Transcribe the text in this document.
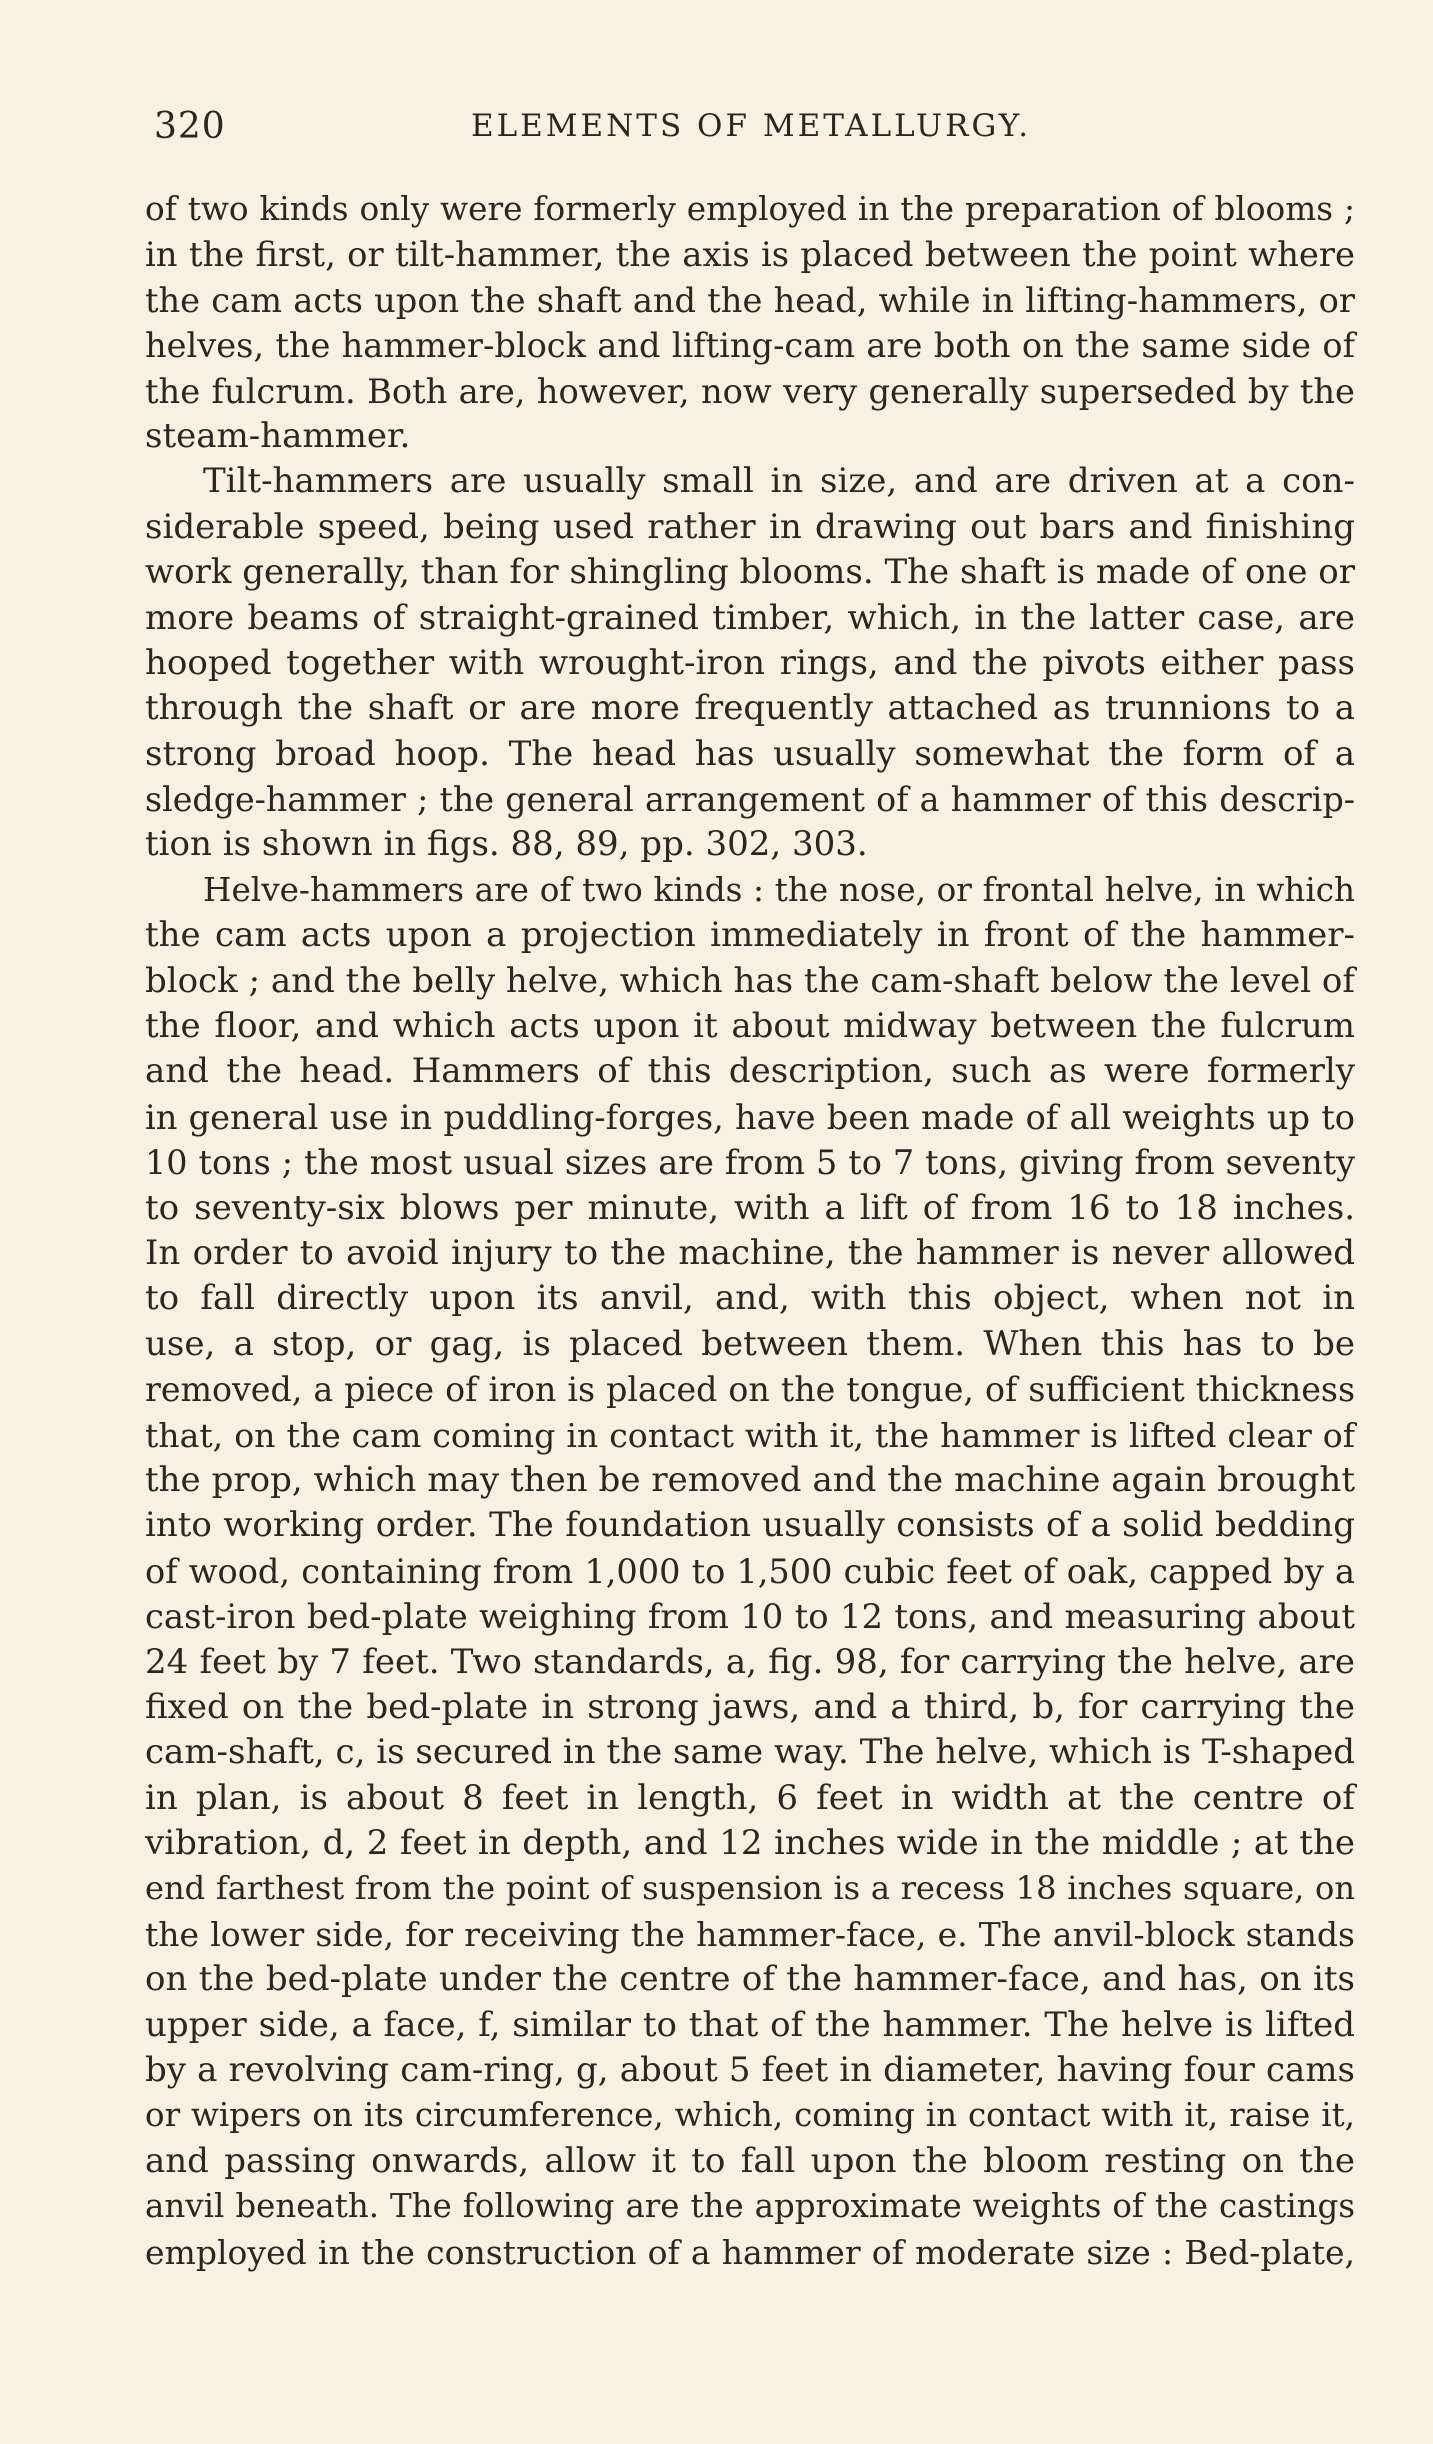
320	ELEMENTS OF METALLURGY.
of two kinds only were formerly employed in the preparation of blooms ;
in the first, or tilt-hammer, the axis is placed between the point where
the cam acts upon the shaft and the head, while in lifting-hammers, or
helves, the hammer-block and lifting-cam are both on the same side of
the fulcrum. Both are, however, now very generally superseded by the
steam-hammer.
Tilt-hammers are usually small in size, and are driven at a con-
siderable speed, being used rather in drawing out bars and finishing
work generally, than for shingling blooms. The shaft is made of one or
more beams of straight-grained timber, which, in the latter case, are
hooped together with wrought-iron rings, and the pivots either pass
through the shaft or are more frequently attached as trunnions to a
strong broad hoop. The head has usually somewhat the form of a
sledge-hammer ; the general arrangement of a hammer of this descrip-
tion is shown in figs. 88, 89, pp. 302, 303.
Helve-hammers are of two kinds : the nose, or frontal helve, in which
the cam acts upon a projection immediately in front of the hammer-
block ; and the belly helve, which has the cam-shaft below the level of
the floor, and which acts upon it about midway between the fulcrum
and the head. Hammers of this description, such as were formerly
in general use in puddling-forges, have been made of all weights up to
10 tons ; the most usual sizes are from 5 to 7 tons, giving from seventy
to seventy-six blows per minute, with a lift of from 16 to 18 inches.
In order to avoid injury to the machine, the hammer is never allowed
to fall directly upon its anvil, and, with this object, when not in
use, a stop, or gag, is placed between them. When this has to be
removed, a piece of iron is placed on the tongue, of sufficient thickness
that, on the cam coming in contact with it, the hammer is lifted clear of
the prop, which may then be removed and the machine again brought
into working order. The foundation usually consists of a solid bedding
of wood, containing from 1,000 to 1,500 cubic feet of oak, capped by a
cast-iron bed-plate weighing from 10 to 12 tons, and measuring about
24 feet by 7 feet. Two standards, a, fig. 98, for carrying the helve, are
fixed on the bed-plate in strong jaws, and a third, b, for carrying the
cam-shaft, c, is secured in the same way. The helve, which is T-shaped
in plan, is about 8 feet in length, 6 feet in width at the centre of
vibration, d, 2 feet in depth, and 12 inches wide in the middle ; at the
end farthest from the point of suspension is a recess 18 inches square, on
the lower side, for receiving the hammer-face, e. The anvil-block stands
on the bed-plate under the centre of the hammer-face, and has, on its
upper side, a face, f, similar to that of the hammer. The helve is lifted
by a revolving cam-ring, g, about 5 feet in diameter, having four cams
or wipers on its circumference, which, coming in contact with it, raise it,
and passing onwards, allow it to fall upon the bloom resting on the
anvil beneath. The following are the approximate weights of the castings
employed in the construction of a hammer of moderate size : Bed-plate,
